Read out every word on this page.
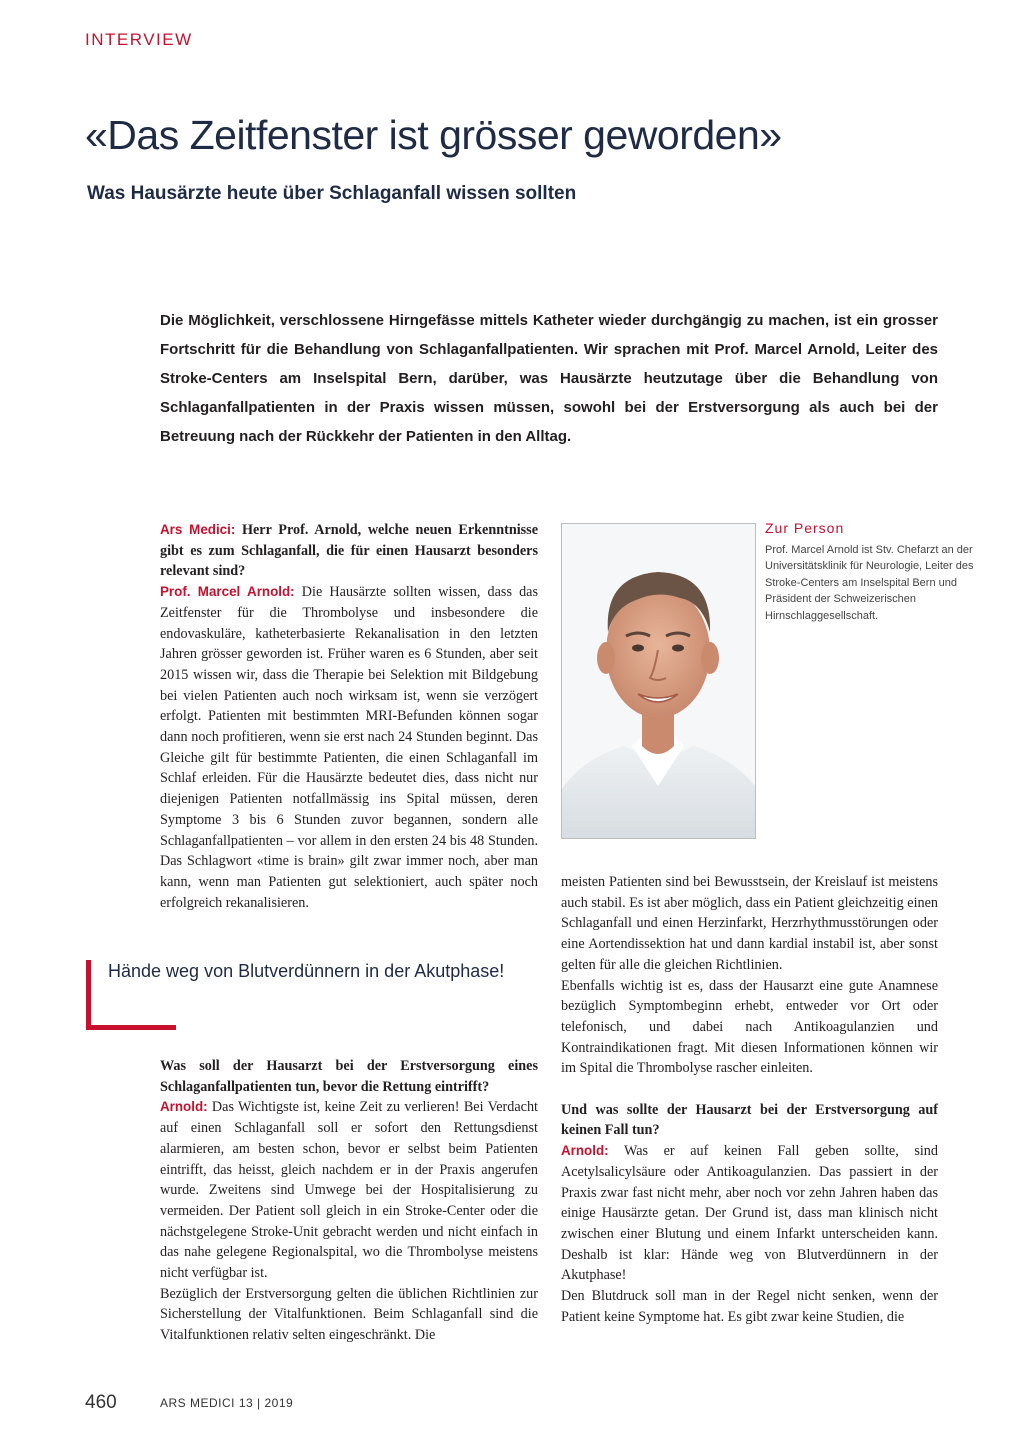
INTERVIEW
«Das Zeitfenster ist grösser geworden»
Was Hausärzte heute über Schlaganfall wissen sollten

Die Möglichkeit, verschlossene Hirngefässe mittels Katheter wieder durchgängig zu machen, ist ein grosser Fortschritt für die Behandlung von Schlaganfallpatienten. Wir sprachen mit Prof. Marcel Arnold, Leiter des Stroke-Centers am Inselspital Bern, darüber, was Hausärzte heutzutage über die Behandlung von Schlaganfallpatienten in der Praxis wissen müssen, sowohl bei der Erstversorgung als auch bei der Betreuung nach der Rückkehr der Patienten in den Alltag.

Ars Medici: Herr Prof. Arnold, welche neuen Erkenntnisse gibt es zum Schlaganfall, die für einen Hausarzt besonders relevant sind?

Prof. Marcel Arnold: Die Hausärzte sollten wissen, dass das Zeitfenster für die Thrombolyse und insbesondere die endovaskuläre, katheterbasierte Rekanalisation in den letzten Jahren grösser geworden ist. Früher waren es 6 Stunden, aber seit 2015 wissen wir, dass die Therapie bei Selektion mit Bildgebung bei vielen Patienten auch noch wirksam ist, wenn sie verzögert erfolgt. Patienten mit bestimmten MRI-Befunden können sogar dann noch profitieren, wenn sie erst nach 24 Stunden beginnt. Das Gleiche gilt für bestimmte Patienten, die einen Schlaganfall im Schlaf erleiden. Für die Hausärzte bedeutet dies, dass nicht nur diejenigen Patienten notfallmässig ins Spital müssen, deren Symptome 3 bis 6 Stunden zuvor begannen, sondern alle Schlaganfallpatienten – vor allem in den ersten 24 bis 48 Stunden. Das Schlagwort «time is brain» gilt zwar immer noch, aber man kann, wenn man Patienten gut selektioniert, auch später noch erfolgreich rekanalisieren.

Hände weg von Blutverdünnern in der Akutphase!

Was soll der Hausarzt bei der Erstversorgung eines Schlaganfallpatienten tun, bevor die Rettung eintrifft?

Arnold: Das Wichtigste ist, keine Zeit zu verlieren! Bei Verdacht auf einen Schlaganfall soll er sofort den Rettungsdienst alarmieren, am besten schon, bevor er selbst beim Patienten eintrifft, das heisst, gleich nachdem er in der Praxis angerufen wurde. Zweitens sind Umwege bei der Hospitalisierung zu vermeiden. Der Patient soll gleich in ein Stroke-Center oder die nächstgelegene Stroke-Unit gebracht werden und nicht einfach in das nahe gelegene Regionalspital, wo die Thrombolyse meistens nicht verfügbar ist.

Bezüglich der Erstversorgung gelten die üblichen Richtlinien zur Sicherstellung der Vitalfunktionen. Beim Schlaganfall sind die Vitalfunktionen relativ selten eingeschränkt. Die

Zur Person
Prof. Marcel Arnold ist Stv. Chefarzt an der Universitätsklinik für Neurologie, Leiter des Stroke-Centers am Inselspital Bern und Präsident der Schweizerischen Hirnschlaggesellschaft.

meisten Patienten sind bei Bewusstsein, der Kreislauf ist meistens auch stabil. Es ist aber möglich, dass ein Patient gleichzeitig einen Schlaganfall und einen Herzinfarkt, Herzrhythmusstörungen oder eine Aortendissektion hat und dann kardial instabil ist, aber sonst gelten für alle die gleichen Richtlinien.

Ebenfalls wichtig ist es, dass der Hausarzt eine gute Anamnese bezüglich Symptombeginn erhebt, entweder vor Ort oder telefonisch, und dabei nach Antikoagulanzien und Kontraindikationen fragt. Mit diesen Informationen können wir im Spital die Thrombolyse rascher einleiten.

Und was sollte der Hausarzt bei der Erstversorgung auf keinen Fall tun?

Arnold: Was er auf keinen Fall geben sollte, sind Acetylsalicylsäure oder Antikoagulanzien. Das passiert in der Praxis zwar fast nicht mehr, aber noch vor zehn Jahren haben das einige Hausärzte getan. Der Grund ist, dass man klinisch nicht zwischen einer Blutung und einem Infarkt unterscheiden kann. Deshalb ist klar: Hände weg von Blutverdünnern in der Akutphase!

Den Blutdruck soll man in der Regel nicht senken, wenn der Patient keine Symptome hat. Es gibt zwar keine Studien, die

460	ARS MEDICI 13 | 2019
